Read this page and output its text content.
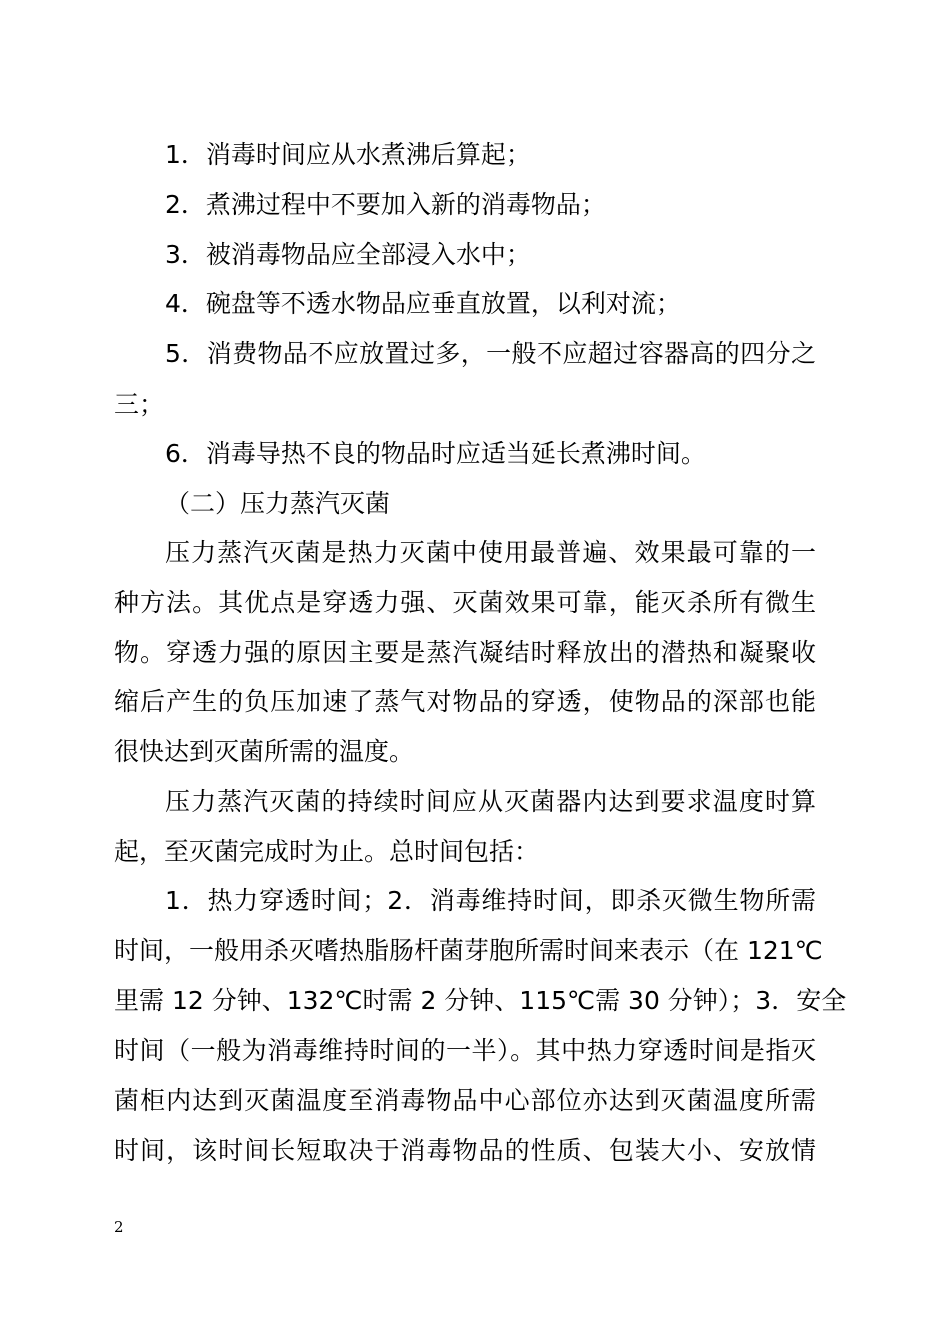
1．消毒时间应从水煮沸后算起；
2．煮沸过程中不要加入新的消毒物品；
3．被消毒物品应全部浸入水中；
4．碗盘等不透水物品应垂直放置，以利对流；
5．消费物品不应放置过多，一般不应超过容器高的四分之
三；
6．消毒导热不良的物品时应适当延长煮沸时间。
（二）压力蒸汽灭菌
压力蒸汽灭菌是热力灭菌中使用最普遍、效果最可靠的一
种方法。其优点是穿透力强、灭菌效果可靠，能灭杀所有微生
物。穿透力强的原因主要是蒸汽凝结时释放出的潜热和凝聚收
缩后产生的负压加速了蒸气对物品的穿透，使物品的深部也能
很快达到灭菌所需的温度。
压力蒸汽灭菌的持续时间应从灭菌器内达到要求温度时算
起，至灭菌完成时为止。总时间包括：
1．热力穿透时间；2．消毒维持时间，即杀灭微生物所需
时间，一般用杀灭嗜热脂肠杆菌芽胞所需时间来表示（在 121℃
里需 12 分钟、132℃时需 2 分钟、115℃需 30 分钟）；3．安全
时间（一般为消毒维持时间的一半）。其中热力穿透时间是指灭
菌柜内达到灭菌温度至消毒物品中心部位亦达到灭菌温度所需
时间，该时间长短取决于消毒物品的性质、包装大小、安放情
2
